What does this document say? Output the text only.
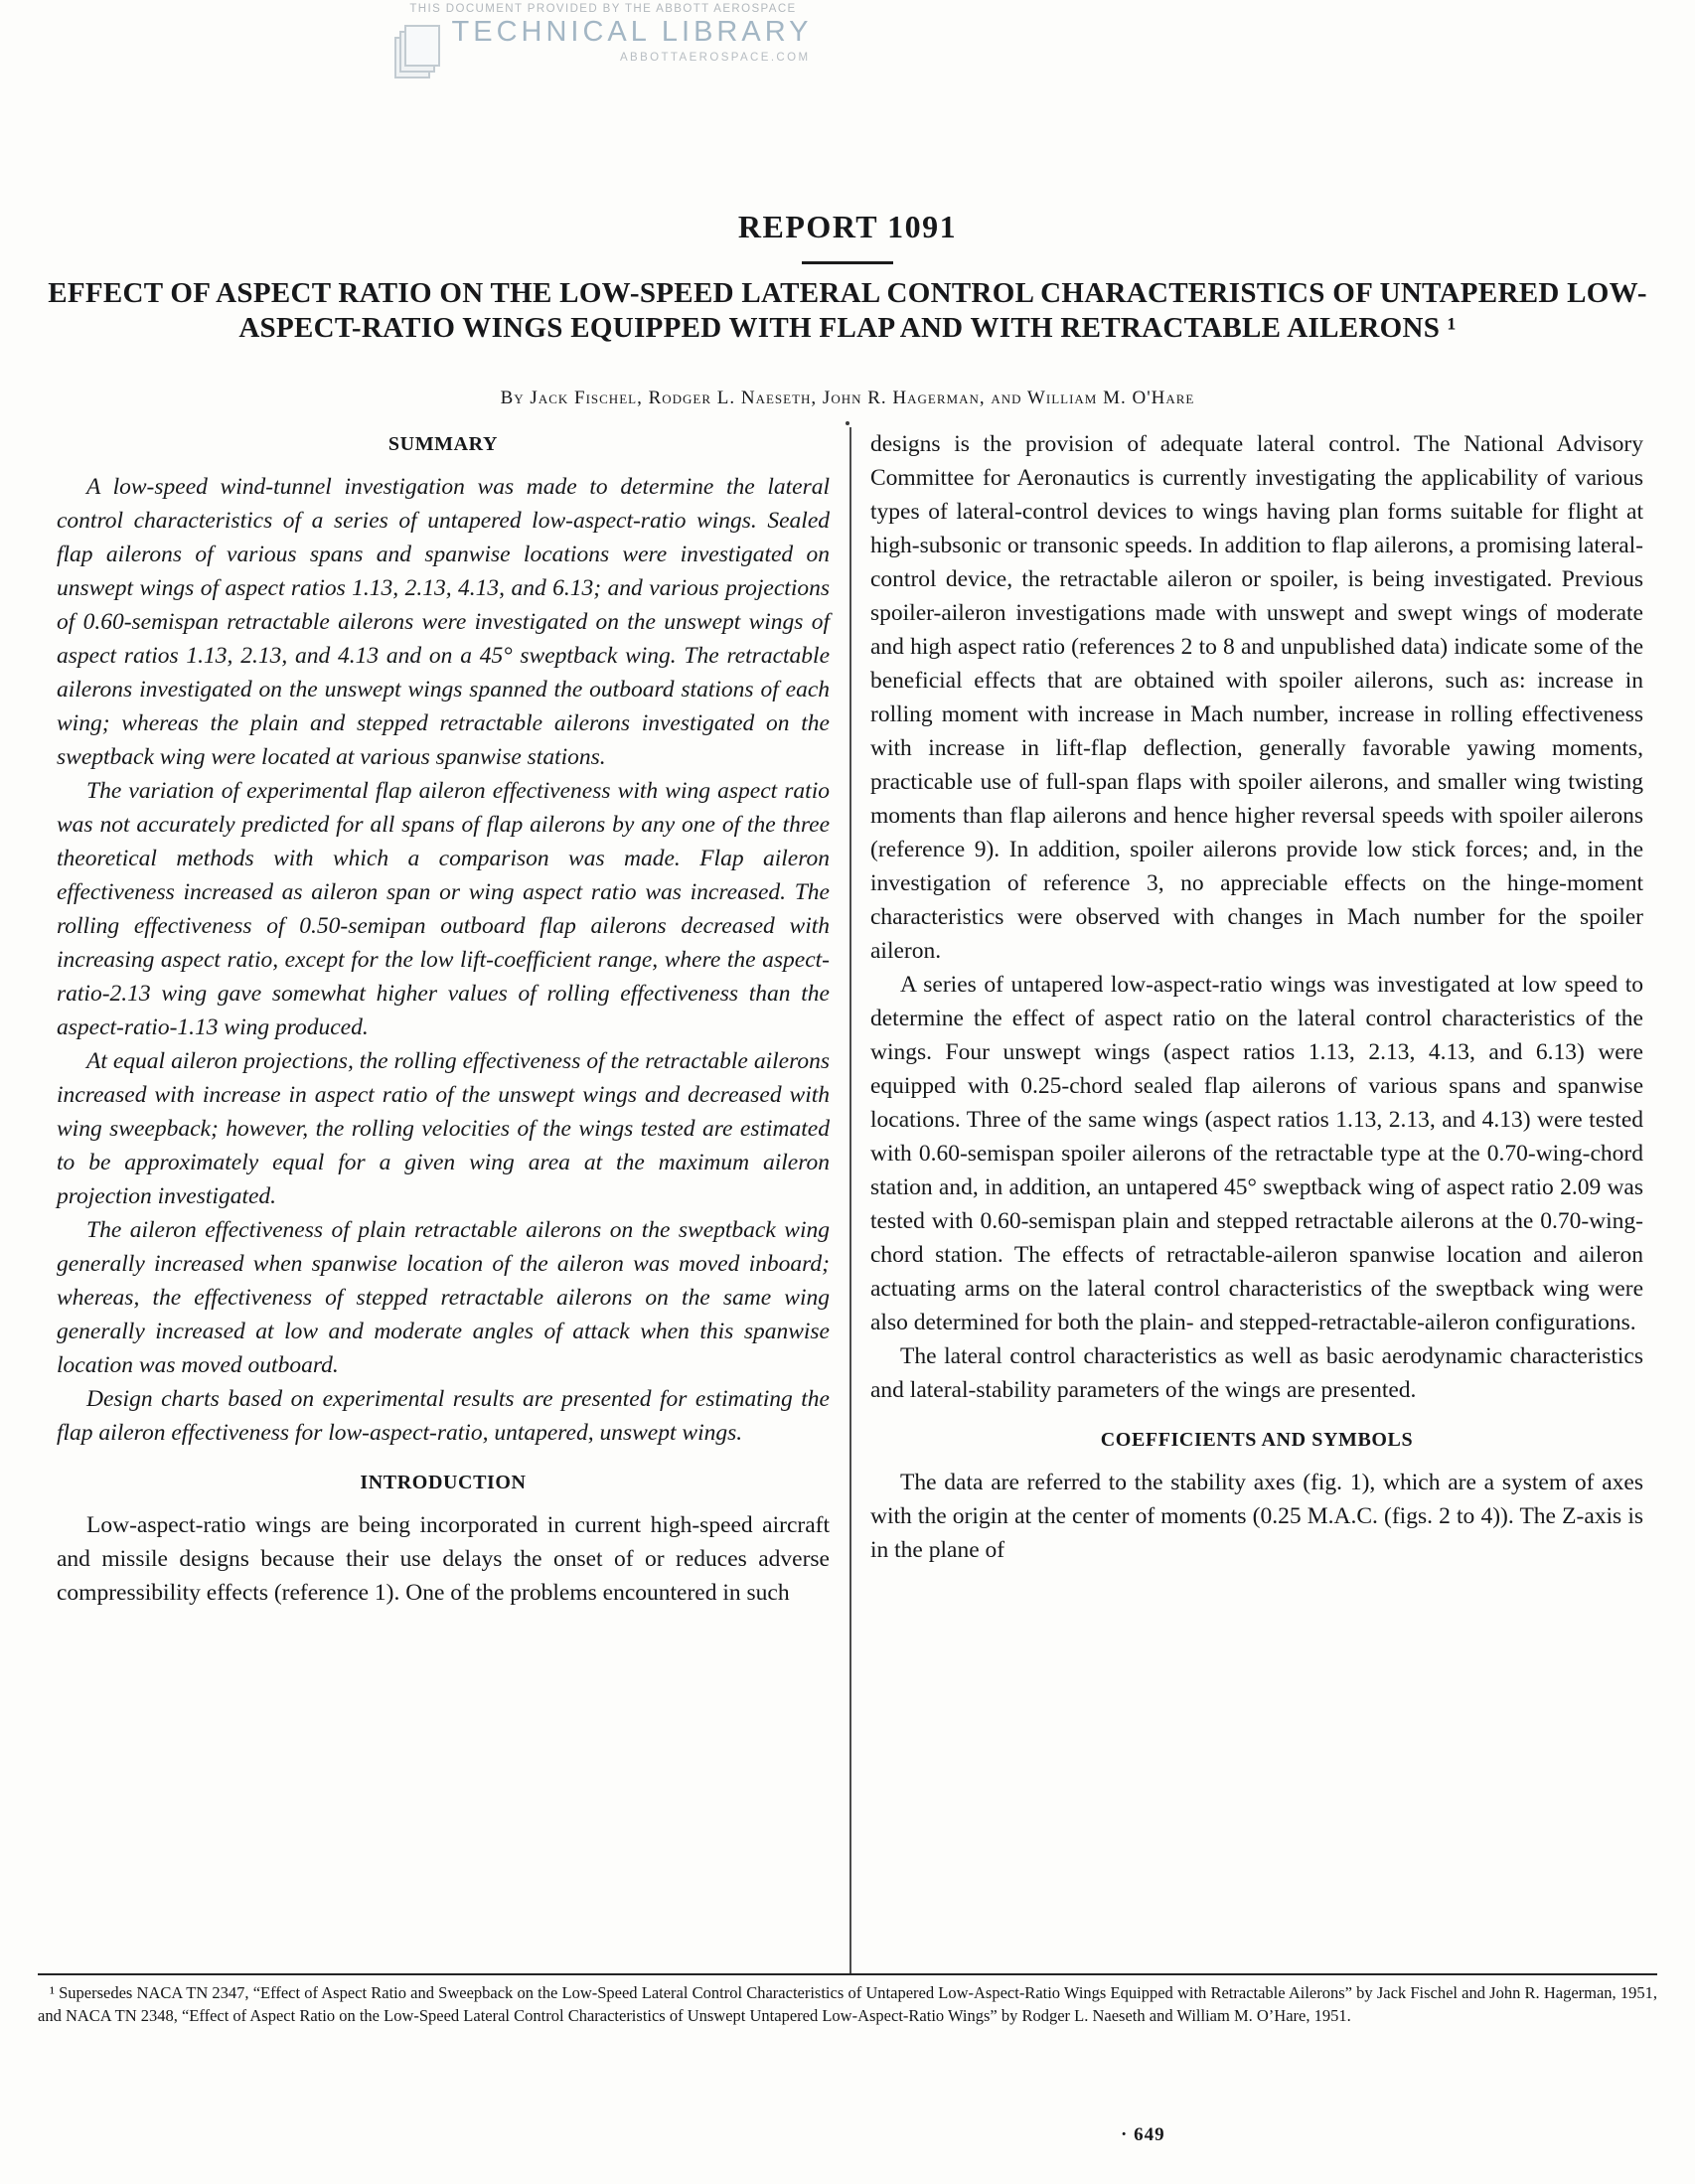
THIS DOCUMENT PROVIDED BY THE ABBOTT AEROSPACE
TECHNICAL LIBRARY
ABBOTTAEROSPACE.COM
REPORT 1091
EFFECT OF ASPECT RATIO ON THE LOW-SPEED LATERAL CONTROL CHARACTERISTICS OF UNTAPERED LOW-ASPECT-RATIO WINGS EQUIPPED WITH FLAP AND WITH RETRACTABLE AILERONS ¹
By Jack Fischel, Rodger L. Naeseth, John R. Hagerman, and William M. O'Hare
SUMMARY

A low-speed wind-tunnel investigation was made to determine the lateral control characteristics of a series of untapered low-aspect-ratio wings. Sealed flap ailerons of various spans and spanwise locations were investigated on unswept wings of aspect ratios 1.13, 2.13, 4.13, and 6.13; and various projections of 0.60-semispan retractable ailerons were investigated on the unswept wings of aspect ratios 1.13, 2.13, and 4.13 and on a 45° sweptback wing. The retractable ailerons investigated on the unswept wings spanned the outboard stations of each wing; whereas the plain and stepped retractable ailerons investigated on the sweptback wing were located at various spanwise stations.

The variation of experimental flap aileron effectiveness with wing aspect ratio was not accurately predicted for all spans of flap ailerons by any one of the three theoretical methods with which a comparison was made. Flap aileron effectiveness increased as aileron span or wing aspect ratio was increased. The rolling effectiveness of 0.50-semipan outboard flap ailerons decreased with increasing aspect ratio, except for the low lift-coefficient range, where the aspect-ratio-2.13 wing gave somewhat higher values of rolling effectiveness than the aspect-ratio-1.13 wing produced.

At equal aileron projections, the rolling effectiveness of the retractable ailerons increased with increase in aspect ratio of the unswept wings and decreased with wing sweepback; however, the rolling velocities of the wings tested are estimated to be approximately equal for a given wing area at the maximum aileron projection investigated.

The aileron effectiveness of plain retractable ailerons on the sweptback wing generally increased when spanwise location of the aileron was moved inboard; whereas, the effectiveness of stepped retractable ailerons on the same wing generally increased at low and moderate angles of attack when this spanwise location was moved outboard.

Design charts based on experimental results are presented for estimating the flap aileron effectiveness for low-aspect-ratio, untapered, unswept wings.

INTRODUCTION

Low-aspect-ratio wings are being incorporated in current high-speed aircraft and missile designs because their use delays the onset of or reduces adverse compressibility effects (reference 1). One of the problems encountered in such

designs is the provision of adequate lateral control. The National Advisory Committee for Aeronautics is currently investigating the applicability of various types of lateral-control devices to wings having plan forms suitable for flight at high-subsonic or transonic speeds. In addition to flap ailerons, a promising lateral-control device, the retractable aileron or spoiler, is being investigated. Previous spoiler-aileron investigations made with unswept and swept wings of moderate and high aspect ratio (references 2 to 8 and unpublished data) indicate some of the beneficial effects that are obtained with spoiler ailerons, such as: increase in rolling moment with increase in Mach number, increase in rolling effectiveness with increase in lift-flap deflection, generally favorable yawing moments, practicable use of full-span flaps with spoiler ailerons, and smaller wing twisting moments than flap ailerons and hence higher reversal speeds with spoiler ailerons (reference 9). In addition, spoiler ailerons provide low stick forces; and, in the investigation of reference 3, no appreciable effects on the hinge-moment characteristics were observed with changes in Mach number for the spoiler aileron.

A series of untapered low-aspect-ratio wings was investigated at low speed to determine the effect of aspect ratio on the lateral control characteristics of the wings. Four unswept wings (aspect ratios 1.13, 2.13, 4.13, and 6.13) were equipped with 0.25-chord sealed flap ailerons of various spans and spanwise locations. Three of the same wings (aspect ratios 1.13, 2.13, and 4.13) were tested with 0.60-semispan spoiler ailerons of the retractable type at the 0.70-wing-chord station and, in addition, an untapered 45° sweptback wing of aspect ratio 2.09 was tested with 0.60-semispan plain and stepped retractable ailerons at the 0.70-wing-chord station. The effects of retractable-aileron spanwise location and aileron actuating arms on the lateral control characteristics of the sweptback wing were also determined for both the plain- and stepped-retractable-aileron configurations.

The lateral control characteristics as well as basic aerodynamic characteristics and lateral-stability parameters of the wings are presented.

COEFFICIENTS AND SYMBOLS

The data are referred to the stability axes (fig. 1), which are a system of axes with the origin at the center of moments (0.25 M.A.C. (figs. 2 to 4)). The Z-axis is in the plane of

¹ Supersedes NACA TN 2347, “Effect of Aspect Ratio and Sweepback on the Low-Speed Lateral Control Characteristics of Untapered Low-Aspect-Ratio Wings Equipped with Retractable Ailerons” by Jack Fischel and John R. Hagerman, 1951, and NACA TN 2348, “Effect of Aspect Ratio on the Low-Speed Lateral Control Characteristics of Unswept Untapered Low-Aspect-Ratio Wings” by Rodger L. Naeseth and William M. O’Hare, 1951.

· 649
